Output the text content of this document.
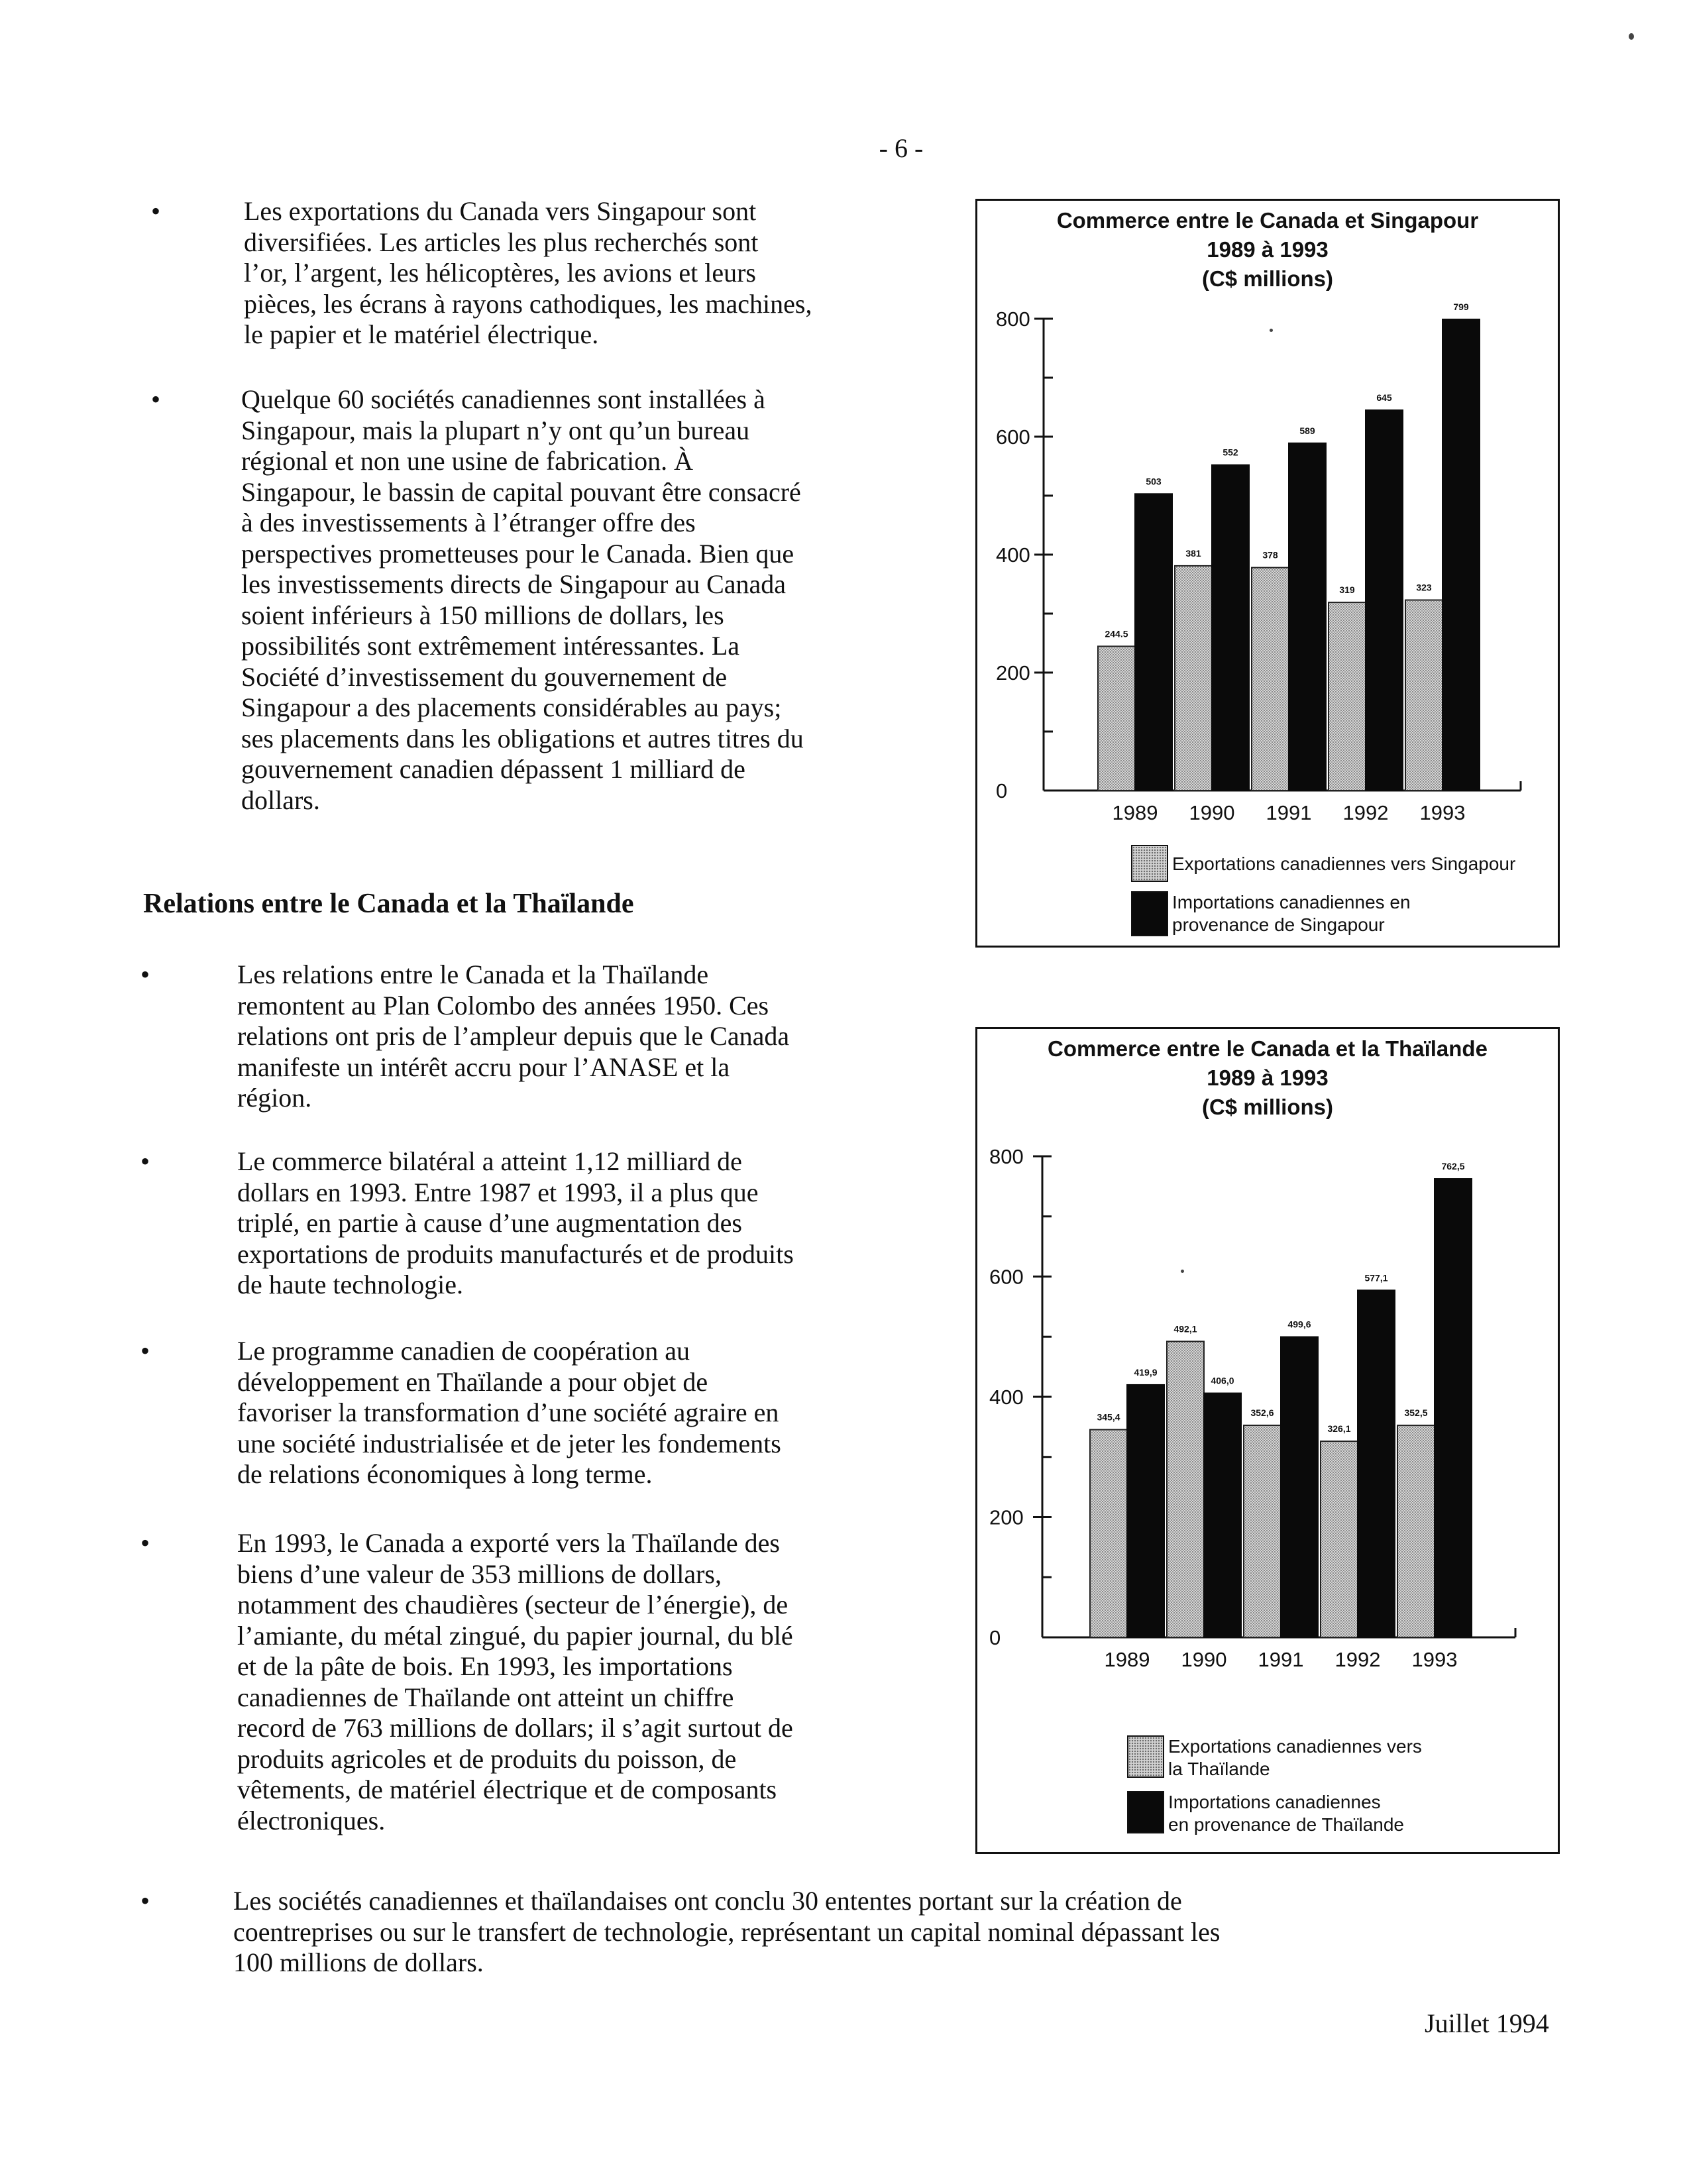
- 6 -
•	Les exportations du Canada vers Singapour sont
diversifiées. Les articles les plus recherchés sont
l’or, l’argent, les hélicoptères, les avions et leurs
pièces, les écrans à rayons cathodiques, les machines,
le papier et le matériel électrique.
•	Quelque 60 sociétés canadiennes sont installées à
Singapour, mais la plupart n’y ont qu’un bureau
régional et non une usine de fabrication. À
Singapour, le bassin de capital pouvant être consacré
à des investissements à l’étranger offre des
perspectives prometteuses pour le Canada. Bien que
les investissements directs de Singapour au Canada
soient inférieurs à 150 millions de dollars, les
possibilités sont extrêmement intéressantes. La
Société d’investissement du gouvernement de
Singapour a des placements considérables au pays;
ses placements dans les obligations et autres titres du
gouvernement canadien dépassent 1 milliard de
dollars.
Relations entre le Canada et la Thaïlande
•	Les relations entre le Canada et la Thaïlande
remontent au Plan Colombo des années 1950. Ces
relations ont pris de l’ampleur depuis que le Canada
manifeste un intérêt accru pour l’ANASE et la
région.
•	Le commerce bilatéral a atteint 1,12 milliard de
dollars en 1993. Entre 1987 et 1993, il a plus que
triplé, en partie à cause d’une augmentation des
exportations de produits manufacturés et de produits
de haute technologie.
•	Le programme canadien de coopération au
développement en Thaïlande a pour objet de
favoriser la transformation d’une société agraire en
une société industrialisée et de jeter les fondements
de relations économiques à long terme.
•	En 1993, le Canada a exporté vers la Thaïlande des
biens d’une valeur de 353 millions de dollars,
notamment des chaudières (secteur de l’énergie), de
l’amiante, du métal zingué, du papier journal, du blé
et de la pâte de bois. En 1993, les importations
canadiennes de Thaïlande ont atteint un chiffre
record de 763 millions de dollars; il s’agit surtout de
produits agricoles et de produits du poisson, de
vêtements, de matériel électrique et de composants
électroniques.
•	Les sociétés canadiennes et thaïlandaises ont conclu 30 ententes portant sur la création de
coentreprises ou sur le transfert de technologie, représentant un capital nominal dépassant les
100 millions de dollars.
Juillet 1994
Commerce entre le Canada et Singapour
1989 à 1993
(C$ millions)
0
200
400
600
800
244.5
503
1989
381
552
1990
378
589
1991
319
645
1992
323
799
1993
Exportations canadiennes vers Singapour
Importations canadiennes en
provenance de Singapour
Commerce entre le Canada et la Thaïlande
1989 à 1993
(C$ millions)
0
200
400
600
800
345,4
419,9
1989
492,1
406,0
1990
352,6
499,6
1991
326,1
577,1
1992
352,5
762,5
1993
Exportations canadiennes vers
la Thaïlande
Importations canadiennes
en provenance de Thaïlande
